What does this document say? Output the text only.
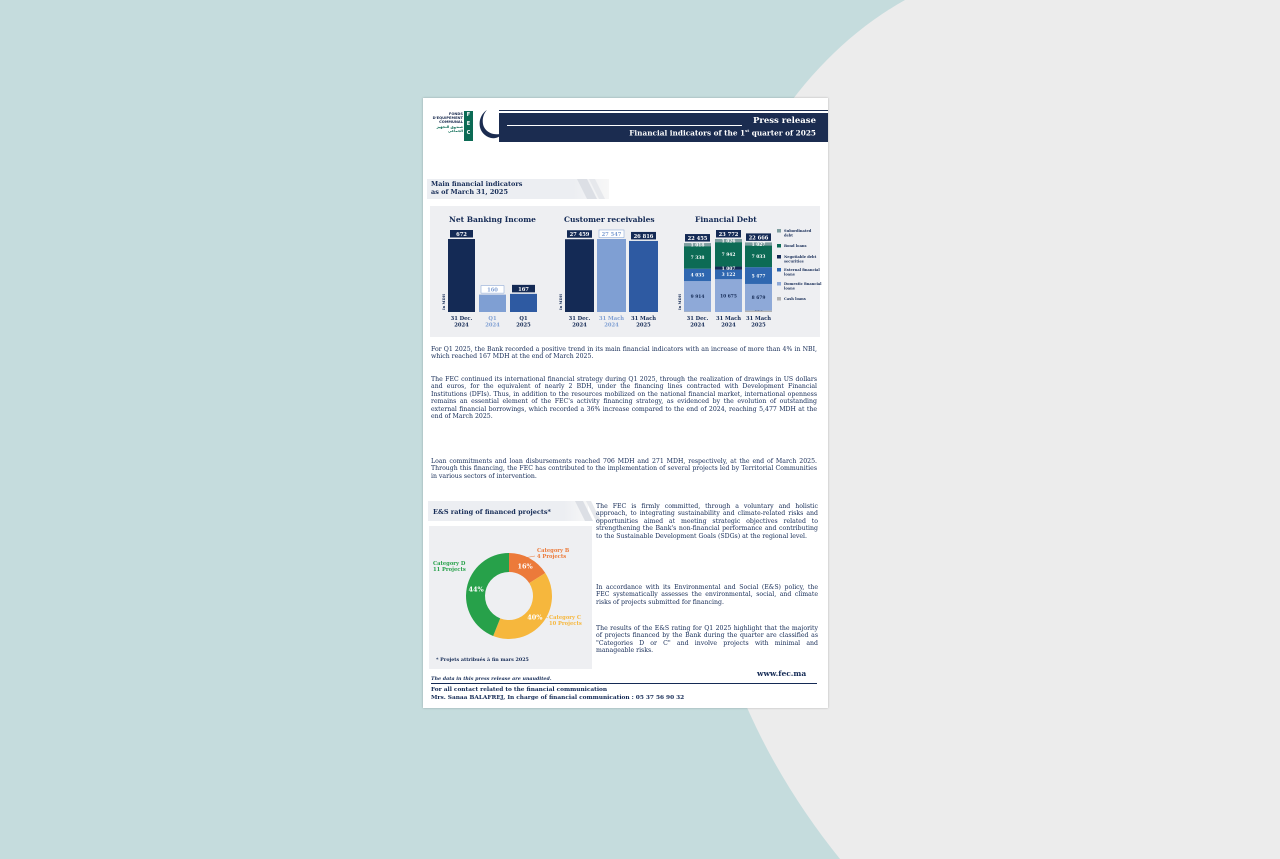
FONDS
D'EQUIPEMENT
COMMUNAL
صندوق التجهيز
الجماعي
F
E
C
Press release
Financial indicators of the 1st quarter of 2025
Main financial indicators
as of March 31, 2025
Net Banking Income	Customer receivables	Financial Debt
In MDH
672
31 Dec.
2024
160
Q1
2024
167
Q1
2025
In MDH
27 459
31 Dec.
2024
27 547
31 Mach
2024
26 816
31 Mach
2025
In MDH 9 914
4 035
7 338
1 018
22 455
31 Dec.
2024
10 675
3 122
1 007
7 942
1 026
23 772
31 Mach
2024
8 679
5 477
7 033
1 027
22 666
31 Mach
2025
Subordinated
debt
Bond loans
Negotiable debt
securities
External financial
loans
Domestic financial
loans
Cash loans
For Q1 2025, the Bank recorded a positive trend in its main financial indicators with an increase of more than 4% in NBI, which reached 167 MDH at the end of March 2025.
The FEC continued its international financial strategy during Q1 2025, through the realization of drawings in US dollars and euros, for the equivalent of nearly 2 BDH, under the financing lines contracted with Development Financial Institutions (DFIs). Thus, in addition to the resources mobilized on the national financial market, international openness remains an essential element of the FEC's activity financing strategy, as evidenced by the evolution of outstanding external financial borrowings, which recorded a 36% increase compared to the end of 2024, reaching 5,477 MDH at the end of March 2025.
Loan commitments and loan disbursements reached 706 MDH and 271 MDH, respectively, at the end of March 2025. Through this financing, the FEC has contributed to the implementation of several projects led by Territorial Communities in various sectors of intervention.
E&S rating of financed projects*
16%
40%
44%
Category B
4 Projects
Category C
10 Projects
Category D
11 Projects
* Projets attribués à fin mars 2025
The FEC is firmly committed, through a voluntary and holistic approach, to integrating sustainability and climate-related risks and opportunities aimed at meeting strategic objectives related to strengthening the Bank's non-financial performance and contributing to the Sustainable Development Goals (SDGs) at the regional level.
In accordance with its Environmental and Social (E&S) policy, the FEC systematically assesses the environmental, social, and climate risks of projects submitted for financing.
The results of the E&S rating for Q1 2025 highlight that the majority of projects financed by the Bank during the quarter are classified as "Categories D or C" and involve projects with minimal and manageable risks.
The data in this press release are unaudited.
www.fec.ma
For all contact related to the financial communication
Mrs. Sanaa BALAFREJ, In charge of financial communication : 05 37 56 90 32
